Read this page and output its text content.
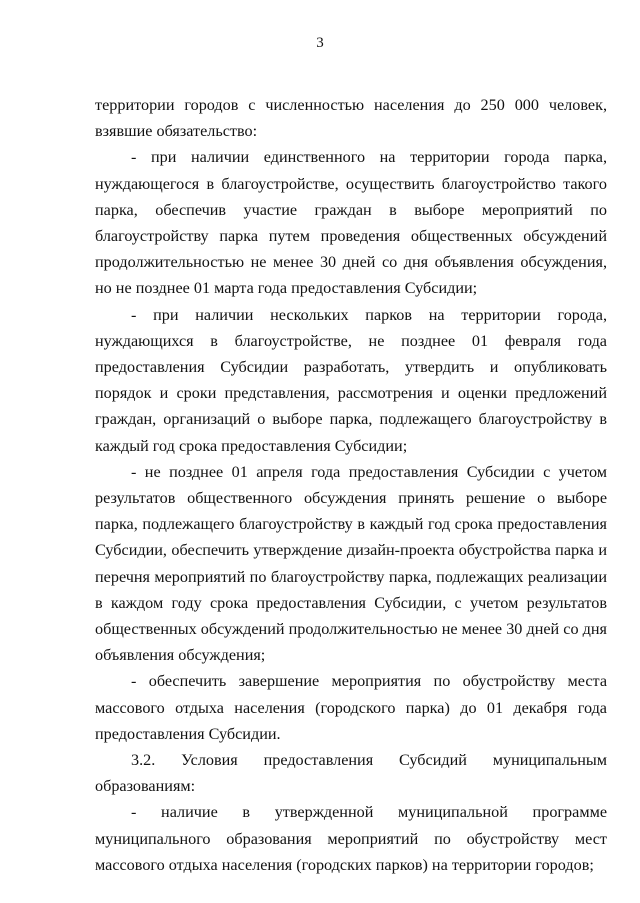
3

территории городов с численностью населения до 250 000 человек, взявшие обязательство:

- при наличии единственного на территории города парка, нуждающегося в благоустройстве, осуществить благоустройство такого парка, обеспечив участие граждан в выборе мероприятий по благоустройству парка путем проведения общественных обсуждений продолжительностью не менее 30 дней со дня объявления обсуждения, но не позднее 01 марта года предоставления Субсидии;

- при наличии нескольких парков на территории города, нуждающихся в благоустройстве, не позднее 01 февраля года предоставления Субсидии разработать, утвердить и опубликовать порядок и сроки представления, рассмотрения и оценки предложений граждан, организаций о выборе парка, подлежащего благоустройству в каждый год срока предоставления Субсидии;

- не позднее 01 апреля года предоставления Субсидии с учетом результатов общественного обсуждения принять решение о выборе парка, подлежащего благоустройству в каждый год срока предоставления Субсидии, обеспечить утверждение дизайн-проекта обустройства парка и перечня мероприятий по благоустройству парка, подлежащих реализации в каждом году срока предоставления Субсидии, с учетом результатов общественных обсуждений продолжительностью не менее 30 дней со дня объявления обсуждения;

- обеспечить завершение мероприятия по обустройству места массового отдыха населения (городского парка) до 01 декабря года предоставления Субсидии.

3.2. Условия предоставления Субсидий муниципальным образованиям:

- наличие в утвержденной муниципальной программе муниципального образования мероприятий по обустройству мест массового отдыха населения (городских парков) на территории городов;
